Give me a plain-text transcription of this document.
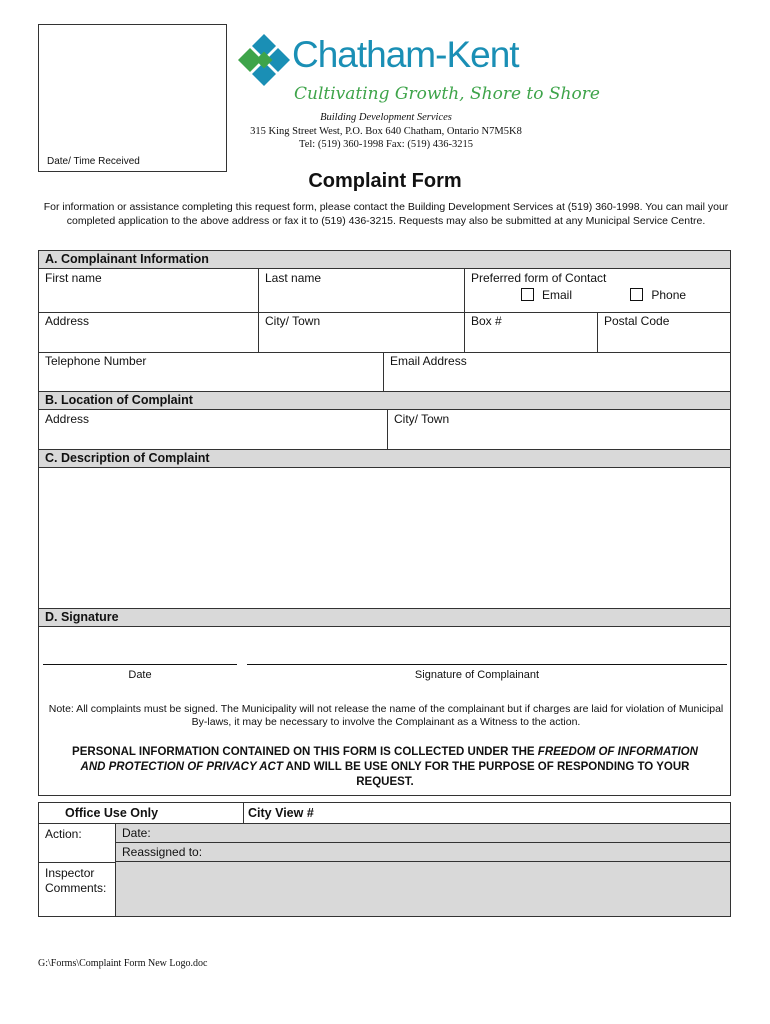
Date/ Time Received
Chatham-Kent
Cultivating Growth, Shore to Shore
Building Development Services
315 King Street West, P.O. Box 640 Chatham, Ontario N7M5K8
Tel: (519) 360-1998 Fax: (519) 436-3215
Complaint Form
For information or assistance completing this request form, please contact the Building Development Services at (519) 360-1998. You can mail your completed application to the above address or fax it to (519) 436-3215. Requests may also be submitted at any Municipal Service Centre.
A. Complainant Information
First name	Last name	Preferred form of Contact
Email	Phone
Address	City/ Town	Box #	Postal Code
Telephone Number	Email Address
B. Location of Complaint
Address	City/ Town
C. Description of Complaint
D. Signature
Date	Signature of Complainant
Note: All complaints must be signed. The Municipality will not release the name of the complainant but if charges are laid for violation of Municipal By-laws, it may be necessary to involve the Complainant as a Witness to the action.
PERSONAL INFORMATION CONTAINED ON THIS FORM IS COLLECTED UNDER THE FREEDOM OF INFORMATION AND PROTECTION OF PRIVACY ACT AND WILL BE USE ONLY FOR THE PURPOSE OF RESPONDING TO YOUR REQUEST.
Office Use Only	City View #
Action:	Date:
Reassigned to:
Inspector Comments:
G:\Forms\Complaint Form New Logo.doc
